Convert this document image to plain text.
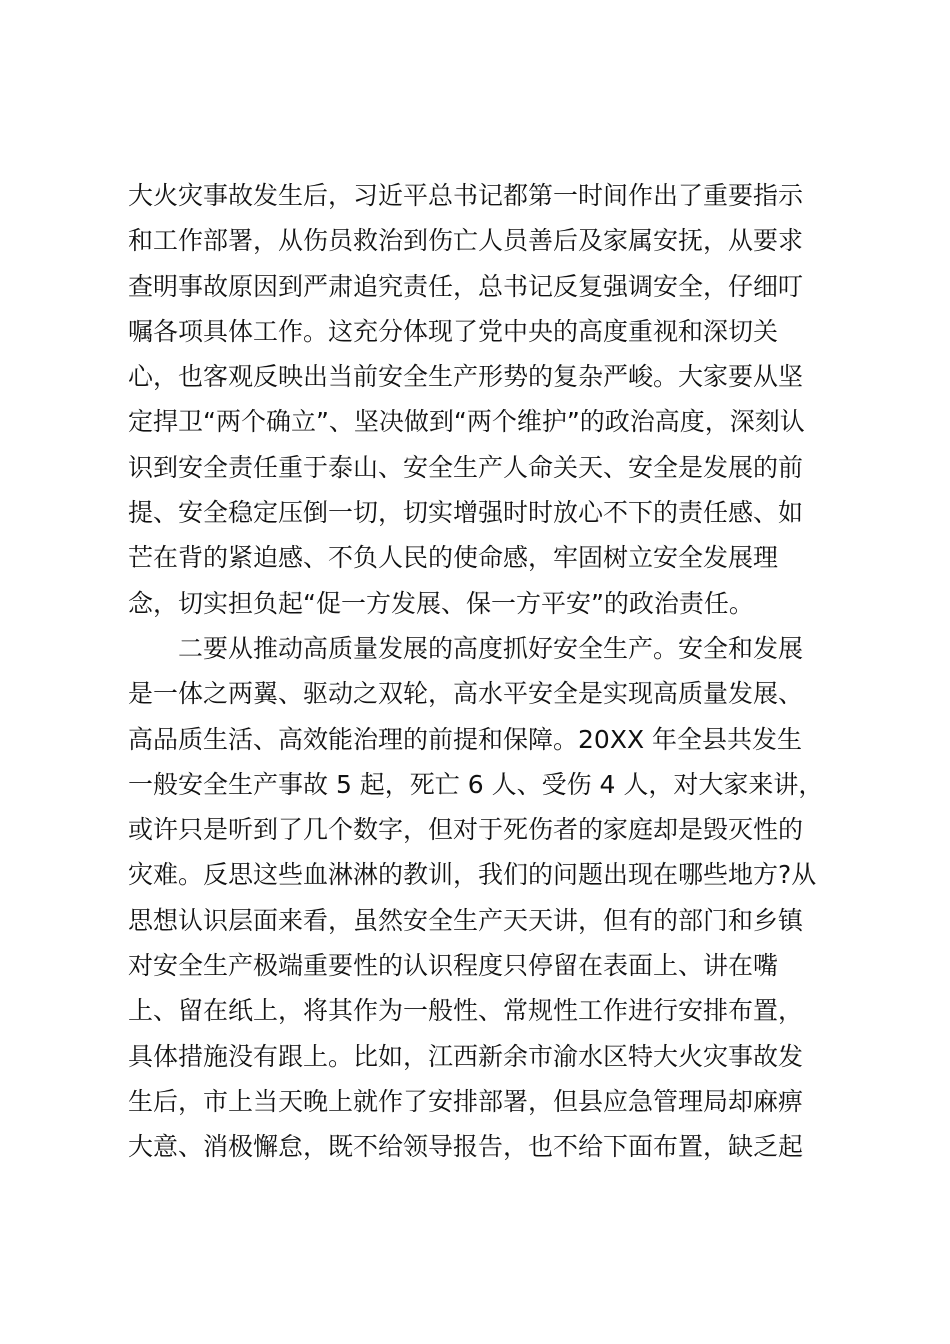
大火灾事故发生后，习近平总书记都第一时间作出了重要指示
和工作部署，从伤员救治到伤亡人员善后及家属安抚，从要求
查明事故原因到严肃追究责任，总书记反复强调安全，仔细叮
嘱各项具体工作。这充分体现了党中央的高度重视和深切关
心，也客观反映出当前安全生产形势的复杂严峻。大家要从坚
定捍卫“两个确立”、坚决做到“两个维护”的政治高度，深刻认
识到安全责任重于泰山、安全生产人命关天、安全是发展的前
提、安全稳定压倒一切，切实增强时时放心不下的责任感、如
芒在背的紧迫感、不负人民的使命感，牢固树立安全发展理
念，切实担负起“促一方发展、保一方平安”的政治责任。
二要从推动高质量发展的高度抓好安全生产。安全和发展
是一体之两翼、驱动之双轮，高水平安全是实现高质量发展、
高品质生活、高效能治理的前提和保障。20XX 年全县共发生
一般安全生产事故 5 起，死亡 6 人、受伤 4 人，对大家来讲，
或许只是听到了几个数字，但对于死伤者的家庭却是毁灭性的
灾难。反思这些血淋淋的教训，我们的问题出现在哪些地方?从
思想认识层面来看，虽然安全生产天天讲，但有的部门和乡镇
对安全生产极端重要性的认识程度只停留在表面上、讲在嘴
上、留在纸上，将其作为一般性、常规性工作进行安排布置，
具体措施没有跟上。比如，江西新余市渝水区特大火灾事故发
生后，市上当天晚上就作了安排部署，但县应急管理局却麻痹
大意、消极懈怠，既不给领导报告，也不给下面布置，缺乏起
